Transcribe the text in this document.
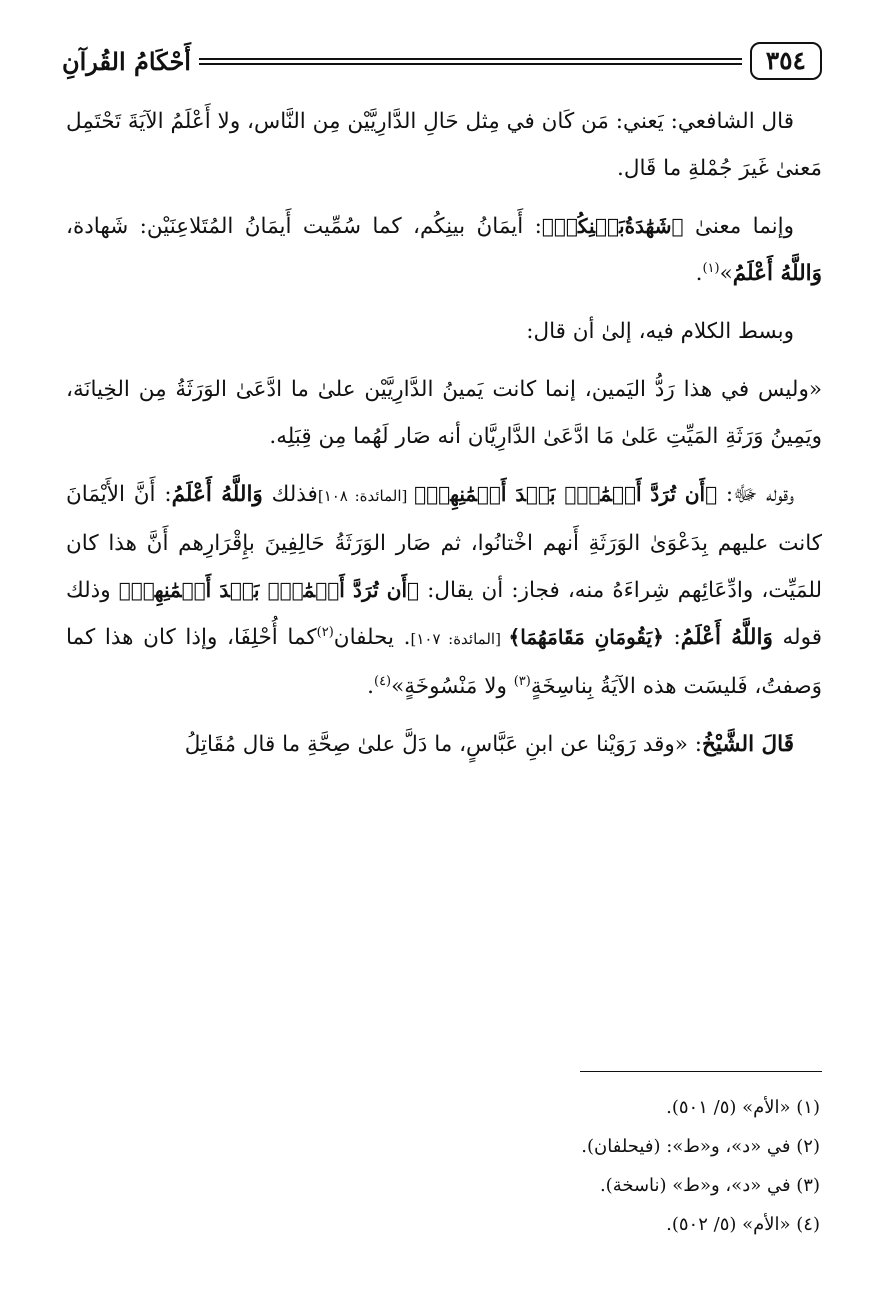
٣٥٤
أَحْكَامُ القُرآنِ

قال الشافعي: يَعني: مَن كَان في مِثل حَالِ الدَّارِيَّيْن مِن النَّاس، ولا أَعْلَمُ الآيَةَ تَحْتَمِل مَعنىٰ غَيرَ جُمْلةِ ما قَال.

وإنما معنىٰ ﴿شَهَٰدَةُبَيۡنِكُمۡ﴾: أَيمَانُ بينِكُم، كما سُمِّيت أَيمَانُ المُتَلاعِنَيْن: شَهادة، وَاللَّهُ أَعْلَمُ»$^{(١)}$.

وبسط الكلام فيه، إلىٰ أن قال:

«وليس في هذا رَدُّ اليَمين، إنما كانت يَمينُ الدَّارِيَّيْن علىٰ ما ادَّعَىٰ الوَرَثَةُ مِن الخِيانَة، ويَمِينُ وَرَثَةِ المَيِّتِ عَلىٰ مَا ادَّعَىٰ الدَّارِيَّان أنه صَار لَهُما مِن قِبَلِه.

وقوله ﷻ: ﴿أَن تُرَدَّ أَيۡمَٰنُۢ بَعۡدَ أَيۡمَٰنِهِمۡ﴾ [المائدة: ١٠٨]فذلك وَاللَّهُ أَعْلَمُ: أَنَّ الأَيْمَانَ كانت عليهم بِدَعْوَىٰ الوَرَثَةِ أَنهم اخْتانُوا، ثم صَار الوَرَثَةُ حَالِفِينَ بإِقْرَارِهم أَنَّ هذا كان للمَيِّت، وادِّعَائِهم شِراءَهُ منه، فجاز: أن يقال: ﴿أَن تُرَدَّ أَيۡمَٰنُۢ بَعۡدَ أَيۡمَٰنِهِمۡ﴾ وذلك قوله وَاللَّهُ أَعْلَمُ: ﴿يَقُومَانِ مَقَامَهُمَا﴾ [المائدة: ١٠٧]. يحلفان$^{(٢)}$كما أُحْلِفَا، وإذا كان هذا كما وَصفتُ، فَليسَت هذه الآيَةُ بِناسِخَةٍ$^{(٣)}$ ولا مَنْسُوخَةٍ»$^{(٤)}$.

قَالَ الشَّيْخُ: «وقد رَوَيْنا عن ابنِ عَبَّاسٍ، ما دَلَّ علىٰ صِحَّةِ ما قال مُقَاتِلُ

(١) «الأم» (٥/ ٥٠١).

(٢) في «د»، و«ط»: (فيحلفان).

(٣) في «د»، و«ط» (ناسخة).

(٤) «الأم» (٥/ ٥٠٢).
